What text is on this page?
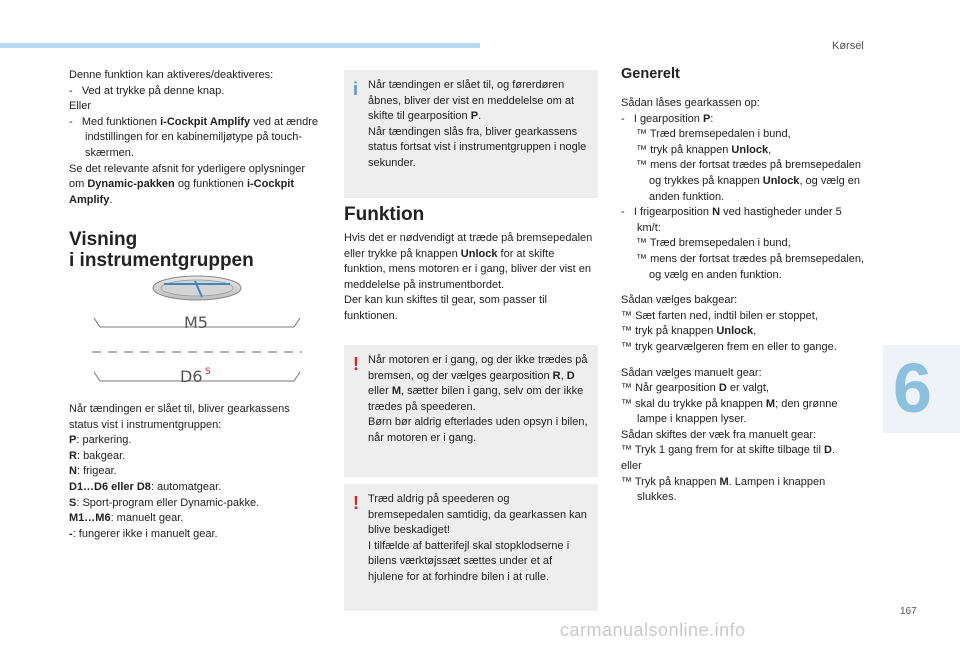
Kørsel
6
167
carmanualsonline.info

Denne funktion kan aktiveres/deaktiveres:

-   Ved at trykke på denne knap.

Eller

-   Med funktionen i-Cockpit Amplify ved at ændre indstillingen for en kabinemiljøtype på touch-skærmen.

Se det relevante afsnit for yderligere oplysninger om Dynamic-pakken og funktionen i-Cockpit Amplify.

Visning
i instrumentgruppen
M5
D6 S

Når tændingen er slået til, bliver gearkassens status vist i instrumentgruppen:

P: parkering.

R: bakgear.

N: frigear.

D1…D6 eller D8: automatgear.

S: Sport-program eller Dynamic-pakke.

M1…M6: manuelt gear.

-: fungerer ikke i manuelt gear.

i Når tændingen er slået til, og førerdøren åbnes, bliver der vist en meddelelse om at skifte til gearposition P.

Når tændingen slås fra, bliver gearkassens status fortsat vist i instrumentgruppen i nogle sekunder.

Funktion

Hvis det er nødvendigt at træde på bremsepedalen eller trykke på knappen Unlock for at skifte funktion, mens motoren er i gang, bliver der vist en meddelelse på instrumentbordet.

Der kan kun skiftes til gear, som passer til funktionen.

! Når motoren er i gang, og der ikke trædes på bremsen, og der vælges gearposition R, D eller M, sætter bilen i gang, selv om der ikke trædes på speederen.

Børn bør aldrig efterlades uden opsyn i bilen, når motoren er i gang.

! Træd aldrig på speederen og bremsepedalen samtidig, da gearkassen kan blive beskadiget!

I tilfælde af batterifejl skal stopklodserne i bilens værktøjssæt sættes under et af hjulene for at forhindre bilen i at rulle.

Generelt

Sådan låses gearkassen op:

-   I gearposition P:

™ Træd bremsepedalen i bund,

™ tryk på knappen Unlock,

™ mens der fortsat trædes på bremsepedalen og trykkes på knappen Unlock, og vælg en anden funktion.

-   I frigearposition N ved hastigheder under 5 km/t:

™ Træd bremsepedalen i bund,

™ mens der fortsat trædes på bremsepedalen, og vælg en anden funktion.

Sådan vælges bakgear:

™ Sæt farten ned, indtil bilen er stoppet,

™ tryk på knappen Unlock,

™ tryk gearvælgeren frem en eller to gange.

Sådan vælges manuelt gear:

™ Når gearposition D er valgt,

™ skal du trykke på knappen M; den grønne lampe i knappen lyser.

Sådan skiftes der væk fra manuelt gear:

™ Tryk 1 gang frem for at skifte tilbage til D.

eller

™ Tryk på knappen M. Lampen i knappen slukkes.
